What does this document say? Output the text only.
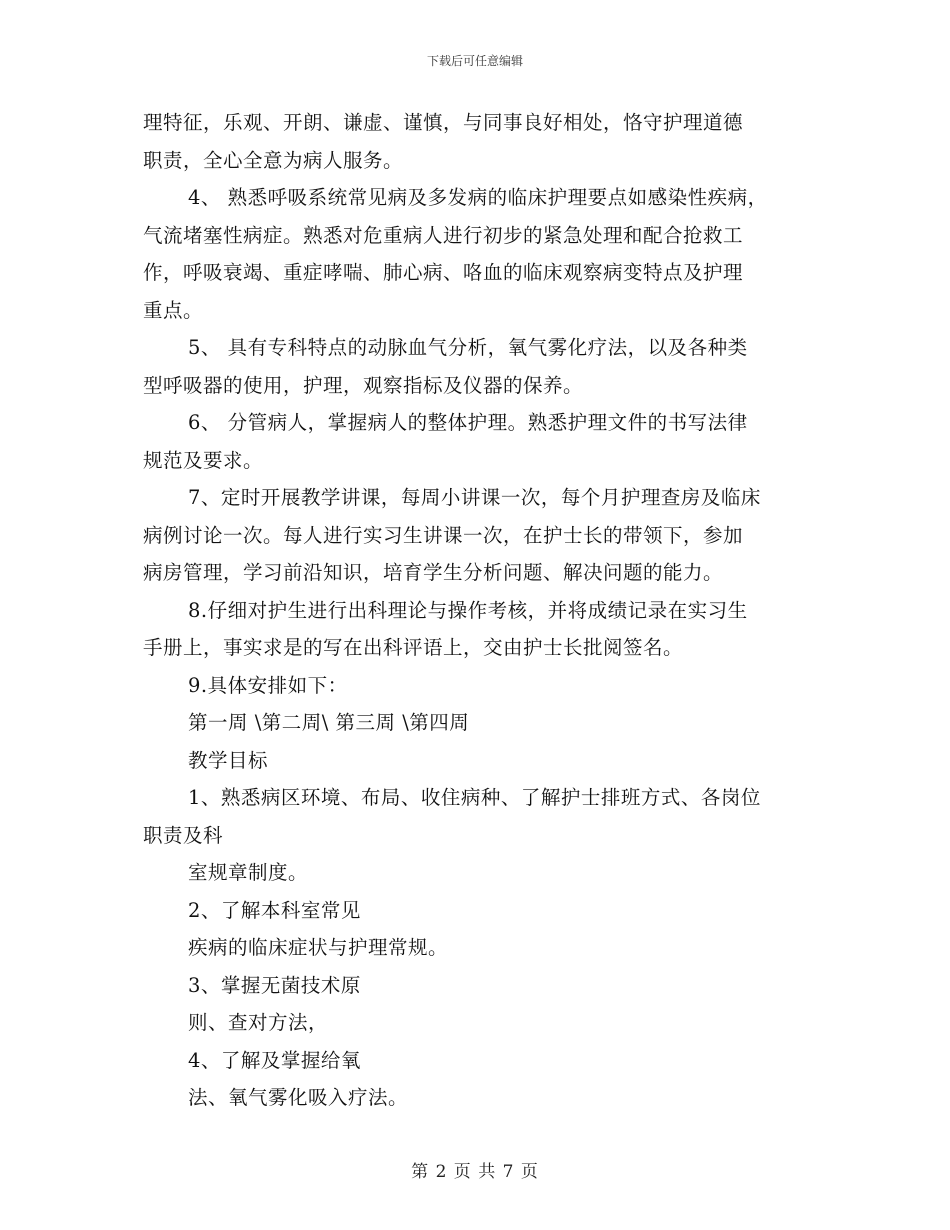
下载后可任意编辑
理特征，乐观、开朗、谦虚、谨慎，与同事良好相处，恪守护理道德
职责，全心全意为病人服务。
4、 熟悉呼吸系统常见病及多发病的临床护理要点如感染性疾病，
气流堵塞性病症。熟悉对危重病人进行初步的紧急处理和配合抢救工
作，呼吸衰竭、重症哮喘、肺心病、咯血的临床观察病变特点及护理
重点。
5、 具有专科特点的动脉血气分析，氧气雾化疗法，以及各种类
型呼吸器的使用，护理，观察指标及仪器的保养。
6、 分管病人，掌握病人的整体护理。熟悉护理文件的书写法律
规范及要求。
7、定时开展教学讲课，每周小讲课一次，每个月护理查房及临床
病例讨论一次。每人进行实习生讲课一次，在护士长的带领下，参加
病房管理，学习前沿知识，培育学生分析问题、解决问题的能力。
8.仔细对护生进行出科理论与操作考核，并将成绩记录在实习生
手册上，事实求是的写在出科评语上，交由护士长批阅签名。
9.具体安排如下：
第一周 \第二周\ 第三周 \第四周
教学目标
1、熟悉病区环境、布局、收住病种、了解护士排班方式、各岗位
职责及科
室规章制度。
2、了解本科室常见
疾病的临床症状与护理常规。
3、掌握无菌技术原
则、查对方法，
4、了解及掌握给氧
法、氧气雾化吸入疗法。
第 2 页 共 7 页
